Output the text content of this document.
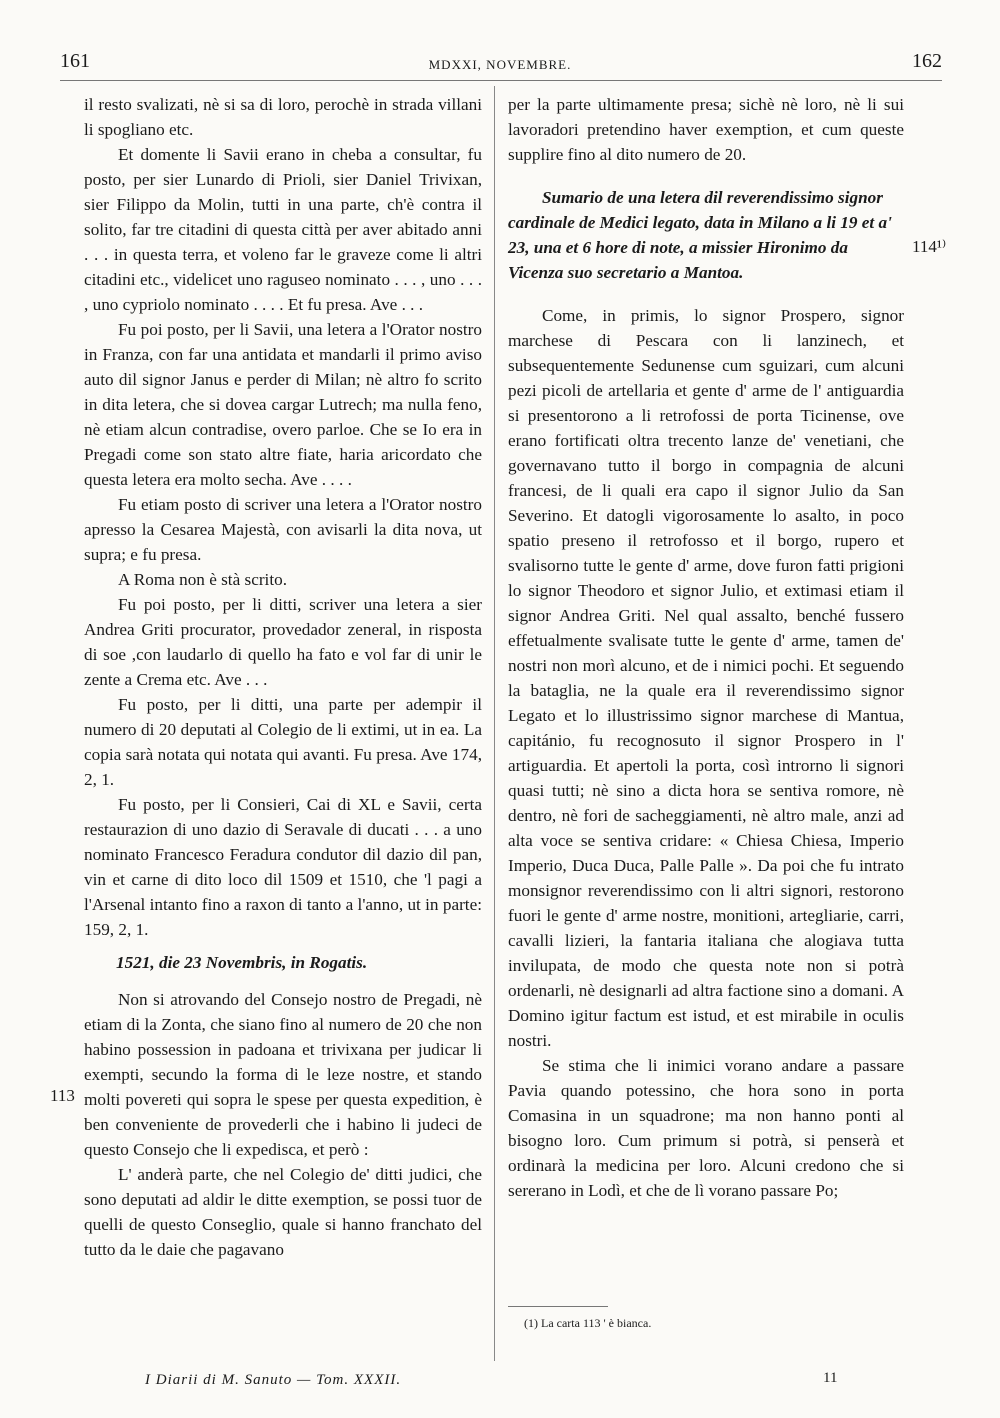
161	MDXXI, NOVEMBRE.	162

il resto svalizati, nè si sa di loro, perochè in strada villani li spogliano etc.

Et domente li Savii erano in cheba a consultar, fu posto, per sier Lunardo di Prioli, sier Daniel Trivixan, sier Filippo da Molin, tutti in una parte, ch'è contra il solito, far tre citadini di questa città per aver abitado anni . . . in questa terra, et voleno far le graveze come li altri citadini etc., videlicet uno raguseo nominato . . . , uno . . . , uno cypriolo nominato . . . . Et fu presa. Ave . . .

Fu poi posto, per li Savii, una letera a l'Orator nostro in Franza, con far una antidata et mandarli il primo aviso auto dil signor Janus e perder di Milan; nè altro fo scrito in dita letera, che si dovea cargar Lutrech; ma nulla feno, nè etiam alcun contradise, overo parloe. Che se Io era in Pregadi come son stato altre fiate, haria aricordato che questa letera era molto secha. Ave . . . .

Fu etiam posto di scriver una letera a l'Orator nostro apresso la Cesarea Majestà, con avisarli la dita nova, ut supra; e fu presa.

A Roma non è stà scrito.

Fu poi posto, per li ditti, scriver una letera a sier Andrea Griti procurator, provedador zeneral, in risposta di soe ,con laudarlo di quello ha fato e vol far di unir le zente a Crema etc. Ave . . .

Fu posto, per li ditti, una parte per adempir il numero di 20 deputati al Colegio de li extimi, ut in ea. La copia sarà notata qui notata qui avanti. Fu presa. Ave 174, 2, 1.

Fu posto, per li Consieri, Cai di XL e Savii, certa restaurazion di uno dazio di Seravale di ducati . . . a uno nominato Francesco Feradura condutor dil dazio dil pan, vin et carne di dito loco dil 1509 et 1510, che 'l pagi a l'Arsenal intanto fino a raxon di tanto a l'anno, ut in parte: 159, 2, 1.

1521, die 23 Novembris, in Rogatis.

Non si atrovando del Consejo nostro de Pregadi, nè etiam di la Zonta, che siano fino al numero de 20 che non habino possession in padoana et trivixana per judicar li exempti, secundo la forma di le leze nostre, et stando molti povereti qui sopra le spese per questa expedition, è ben conveniente de provederli che i habino li judeci de questo Consejo che li expedisca, et però :

L' anderà parte, che nel Colegio de' ditti judici, che sono deputati ad aldir le ditte exemption, se possi tuor de quelli de questo Conseglio, quale si hanno franchato del tutto da le daie che pagavano

per la parte ultimamente presa; sichè nè loro, nè li sui lavoradori pretendino haver exemption, et cum queste supplire fino al dito numero de 20.

Sumario de una letera dil reverendissimo signor cardinale de Medici legato, data in Milano a li 19 et a' 23, una et 6 hore di note, a missier Hironimo da Vicenza suo secretario a Mantoa.

Come, in primis, lo signor Prospero, signor marchese di Pescara con li lanzinech, et subsequentemente Sedunense cum sguizari, cum alcuni pezi picoli de artellaria et gente d' arme de l' antiguardia si presentorono a li retrofossi de porta Ticinense, ove erano fortificati oltra trecento lanze de' venetiani, che governavano tutto il borgo in compagnia de alcuni francesi, de li quali era capo il signor Julio da San Severino. Et datogli vigorosamente lo asalto, in poco spatio preseno il retrofosso et il borgo, rupero et svalisorno tutte le gente d' arme, dove furon fatti prigioni lo signor Theodoro et signor Julio, et extimasi etiam il signor Andrea Griti. Nel qual assalto, benché fussero effetualmente svalisate tutte le gente d' arme, tamen de' nostri non morì alcuno, et de i nimici pochi. Et seguendo la bataglia, ne la quale era il reverendissimo signor Legato et lo illustrissimo signor marchese di Mantua, capitánio, fu recognosuto il signor Prospero in l' artiguardia. Et apertoli la porta, così introrno li signori quasi tutti; nè sino a dicta hora se sentiva romore, nè dentro, nè fori de sacheggiamenti, nè altro male, anzi ad alta voce se sentiva cridare: « Chiesa Chiesa, Imperio Imperio, Duca Duca, Palle Palle ». Da poi che fu intrato monsignor reverendissimo con li altri signori, restorono fuori le gente d' arme nostre, monitioni, artegliarie, carri, cavalli lizieri, la fantaria italiana che alogiava tutta invilupata, de modo che questa note non si potrà ordenarli, nè designarli ad altra factione sino a domani. A Domino igitur factum est istud, et est mirabile in oculis nostri.

Se stima che li inimici vorano andare a passare Pavia quando potessino, che hora sono in porta Comasina in un squadrone; ma non hanno ponti al bisogno loro. Cum primum si potrà, si penserà et ordinarà la medicina per loro. Alcuni credono che si sererano in Lodì, et che de lì vorano passare Po;

113
114¹⁾
(1) La carta 113 ' è bianca.
I Diarii di M. Sanuto — Tom. XXXII.	11
